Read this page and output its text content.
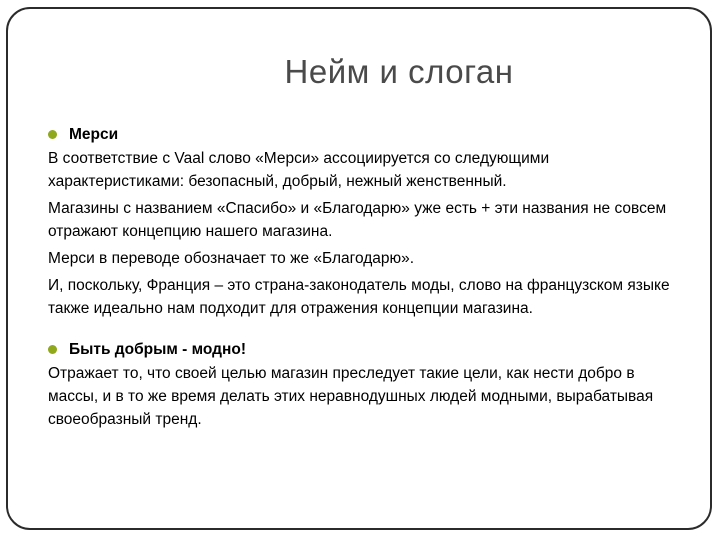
Нейм и слоган
Мерси

В соответствие с Vaal слово «Мерси» ассоциируется со следующими характеристиками: безопасный, добрый, нежный женственный.

Магазины с названием «Спасибо» и «Благодарю» уже есть + эти названия не совсем отражают концепцию нашего магазина.

Мерси в переводе обозначает то же «Благодарю».

И, поскольку, Франция – это страна-законодатель моды, слово на французском языке также идеально нам подходит для отражения концепции магазина.

Быть добрым - модно!

Отражает то, что своей целью магазин преследует такие цели, как нести добро в массы, и в то же время делать этих неравнодушных людей модными, вырабатывая своеобразный тренд.
